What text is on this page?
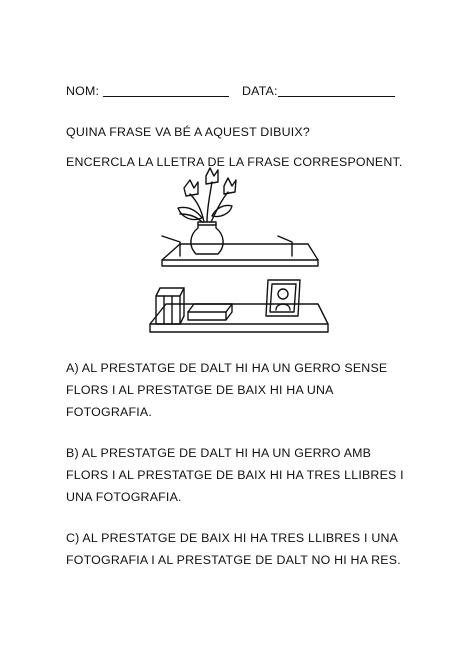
NOM:	DATA:
QUINA FRASE VA BÉ A AQUEST DIBUIX?
ENCERCLA LA LLETRA DE LA FRASE CORRESPONENT.
A) AL PRESTATGE DE DALT HI HA UN GERRO SENSE
FLORS I AL PRESTATGE DE BAIX HI HA UNA
FOTOGRAFIA.
B) AL PRESTATGE DE DALT HI HA UN GERRO AMB
FLORS I AL PRESTATGE DE BAIX HI HA TRES LLIBRES I
UNA FOTOGRAFIA.
C) AL PRESTATGE DE BAIX HI HA TRES LLIBRES I UNA
FOTOGRAFIA I AL PRESTATGE DE DALT NO HI HA RES.
